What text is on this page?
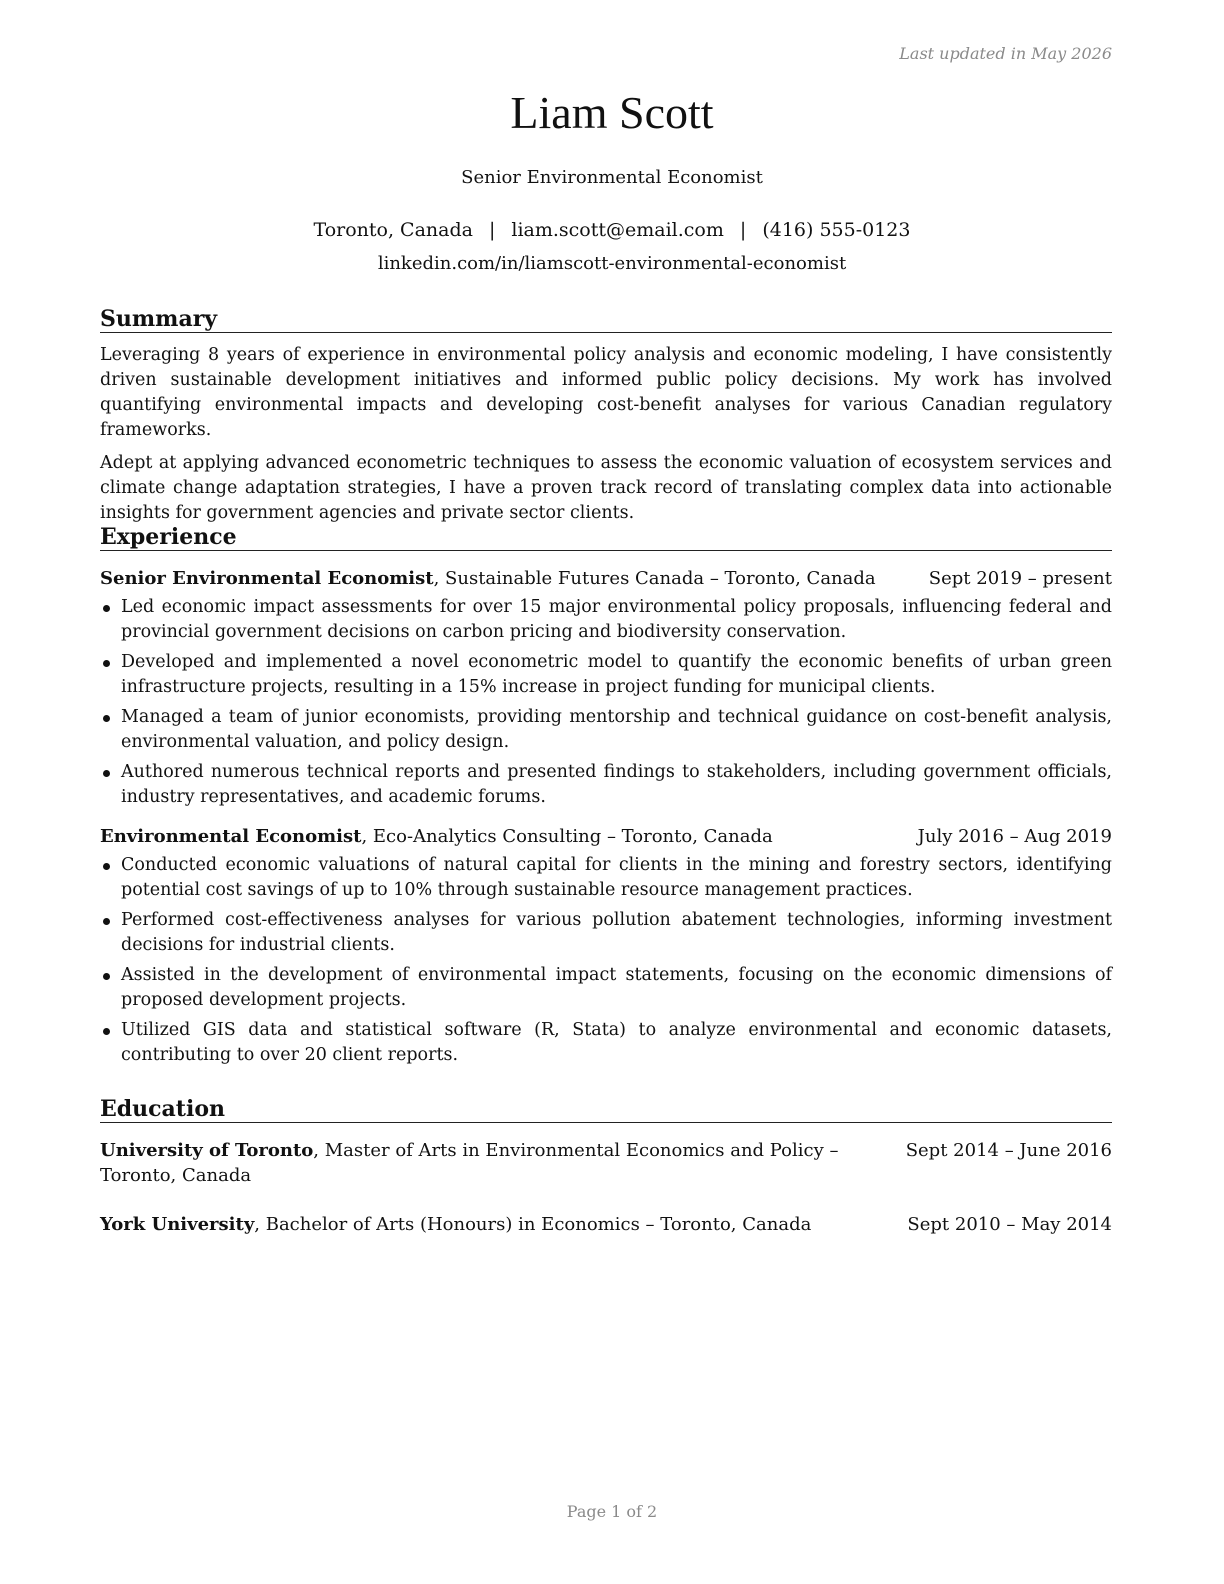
Last updated in May 2026
Liam Scott
Senior Environmental Economist
Toronto, Canada | liam.scott@email.com | (416) 555-0123
linkedin.com/in/liamscott-environmental-economist
Summary

Leveraging 8 years of experience in environmental policy analysis and economic modeling, I have consistently driven sustainable development initiatives and informed public policy decisions. My work has involved quantifying environmental impacts and developing cost-benefit analyses for various Canadian regulatory frameworks.

Adept at applying advanced econometric techniques to assess the economic valuation of ecosystem services and climate change adaptation strategies, I have a proven track record of translating complex data into actionable insights for government agencies and private sector clients.

Experience
Senior Environmental Economist, Sustainable Futures Canada – Toronto, Canada	Sept 2019 – present
Led economic impact assessments for over 15 major environmental policy proposals, influencing federal and provincial government decisions on carbon pricing and biodiversity conservation.
Developed and implemented a novel econometric model to quantify the economic benefits of urban green infrastructure projects, resulting in a 15% increase in project funding for municipal clients.
Managed a team of junior economists, providing mentorship and technical guidance on cost-benefit analysis, environmental valuation, and policy design.
Authored numerous technical reports and presented findings to stakeholders, including government officials, industry representatives, and academic forums.
Environmental Economist, Eco-Analytics Consulting – Toronto, Canada	July 2016 – Aug 2019
Conducted economic valuations of natural capital for clients in the mining and forestry sectors, identifying potential cost savings of up to 10% through sustainable resource management practices.
Performed cost-effectiveness analyses for various pollution abatement technologies, informing investment decisions for industrial clients.
Assisted in the development of environmental impact statements, focusing on the economic dimensions of proposed development projects.
Utilized GIS data and statistical software (R, Stata) to analyze environmental and economic datasets, contributing to over 20 client reports.
Education
University of Toronto, Master of Arts in Environmental Economics and Policy – Toronto, Canada
Sept 2014 – June 2016
York University, Bachelor of Arts (Honours) in Economics – Toronto, Canada	Sept 2010 – May 2014
Page 1 of 2
